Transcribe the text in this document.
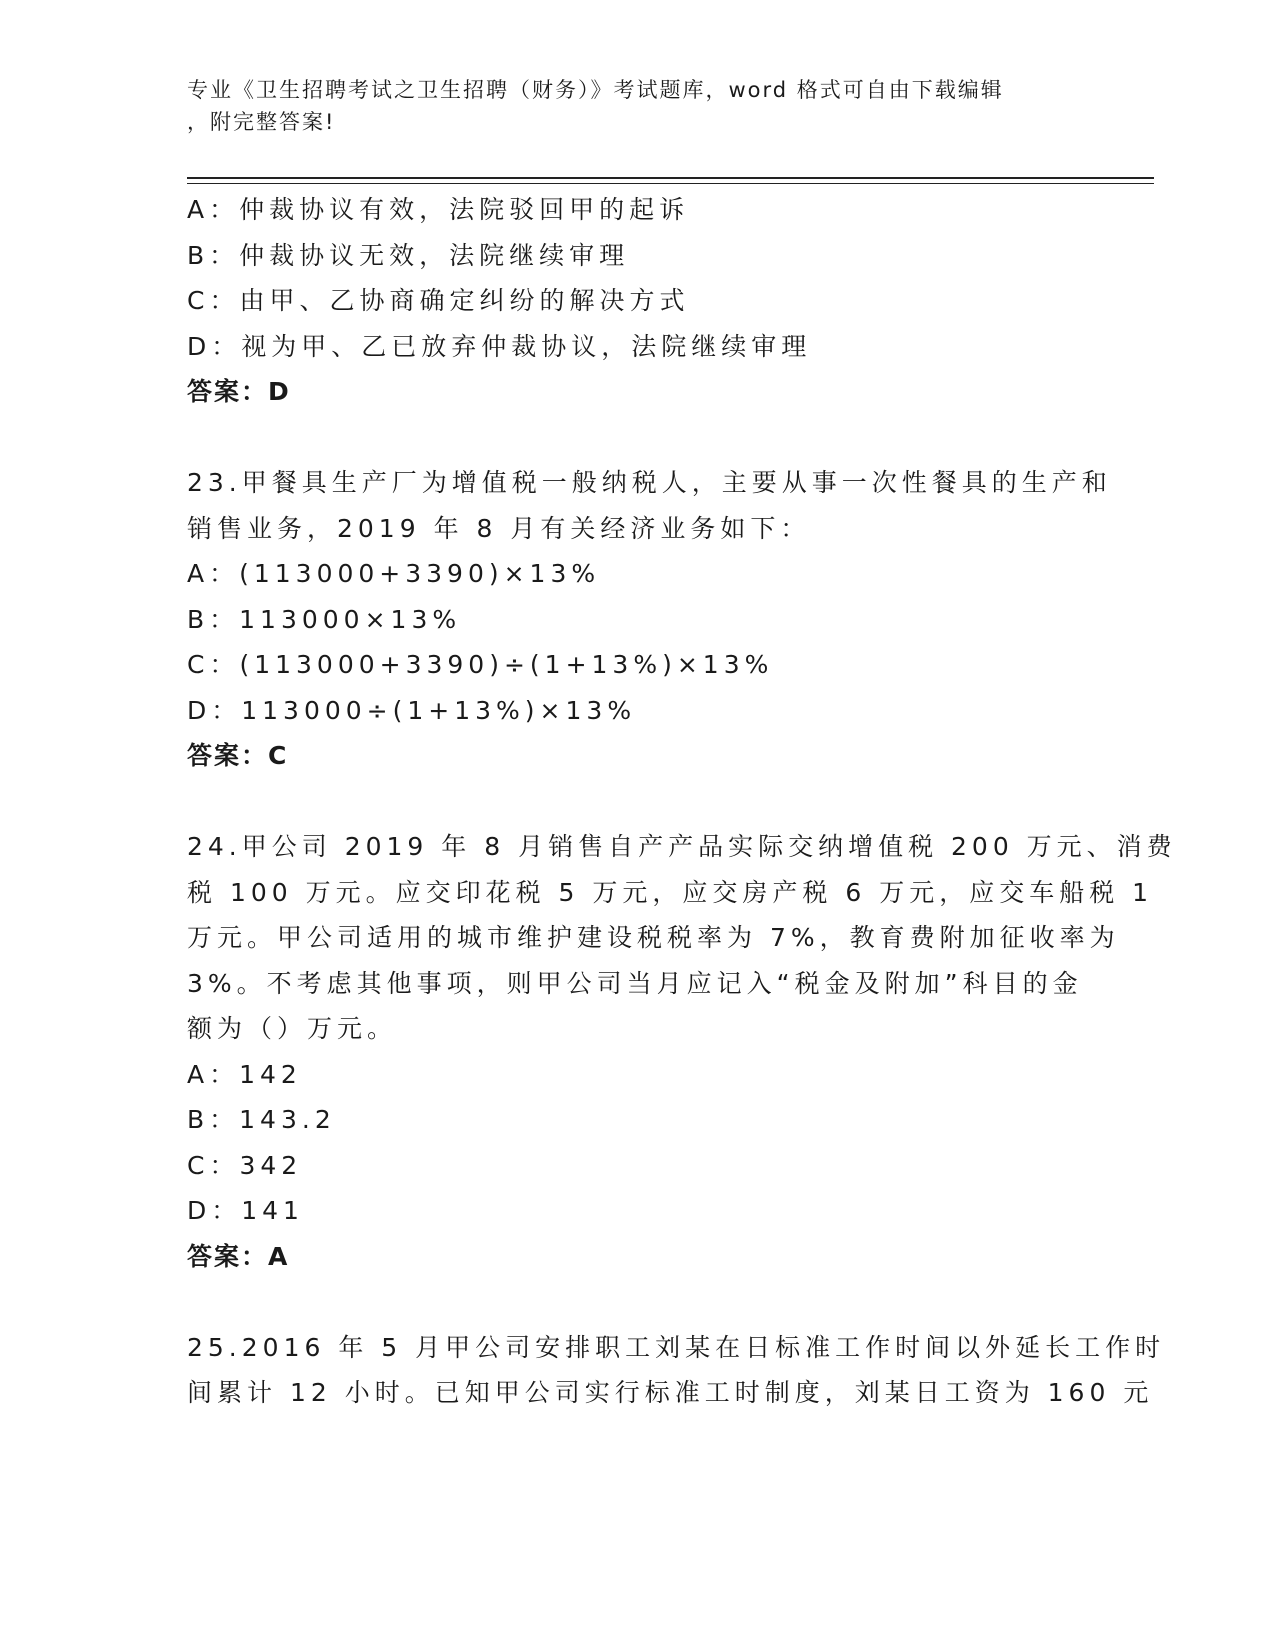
专业《卫生招聘考试之卫生招聘（财务）》考试题库，word 格式可自由下载编辑
，附完整答案!
A：仲裁协议有效，法院驳回甲的起诉
B：仲裁协议无效，法院继续审理
C：由甲、乙协商确定纠纷的解决方式
D：视为甲、乙已放弃仲裁协议，法院继续审理
答案：D
23.甲餐具生产厂为增值税一般纳税人，主要从事一次性餐具的生产和
销售业务，2019 年 8 月有关经济业务如下：
A：(113000+3390)×13%
B：113000×13%
C：(113000+3390)÷(1+13%)×13%
D：113000÷(1+13%)×13%
答案：C
24.甲公司 2019 年 8 月销售自产产品实际交纳增值税 200 万元、消费
税 100 万元。应交印花税 5 万元，应交房产税 6 万元，应交车船税 1
万元。甲公司适用的城市维护建设税税率为 7%，教育费附加征收率为
3%。不考虑其他事项，则甲公司当月应记入“税金及附加”科目的金
额为（）万元。
A：142
B：143.2
C：342
D：141
答案：A
25.2016 年 5 月甲公司安排职工刘某在日标准工作时间以外延长工作时
间累计 12 小时。已知甲公司实行标准工时制度，刘某日工资为 160 元
